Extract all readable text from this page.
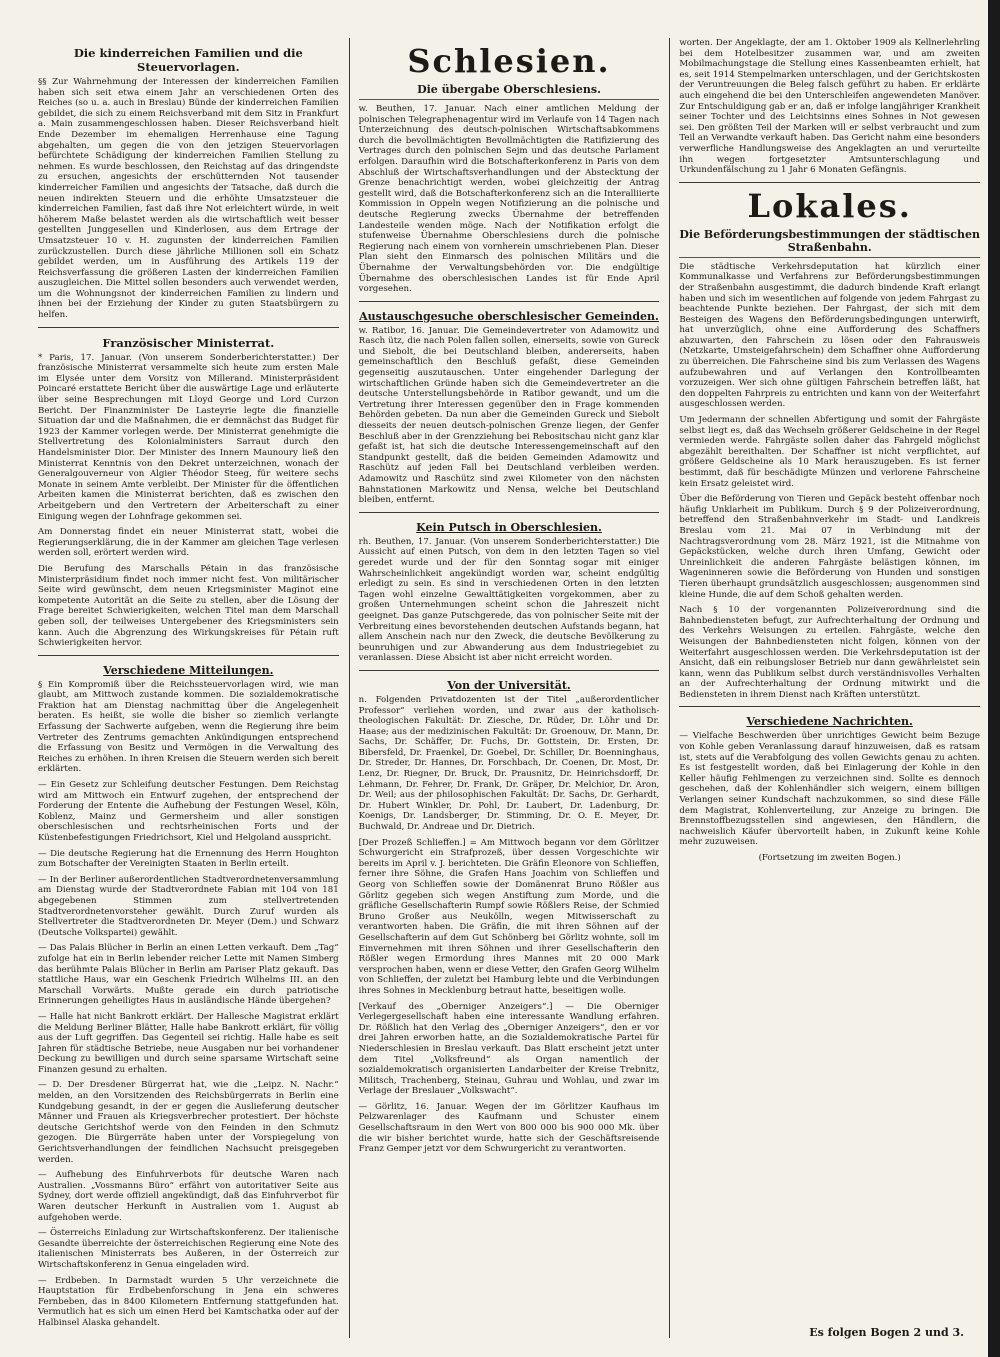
Die kinderreichen Familien und die Steuervorlagen.

§§ Zur Wahrnehmung der Interessen der kinderreichen Familien haben sich seit etwa einem Jahr an verschiedenen Orten des Reiches (so u. a. auch in Breslau) Bünde der kinderreichen Familien gebildet, die sich zu einem Reichsverband mit dem Sitz in Frankfurt a. Main zusammengeschlossen haben. Dieser Reichsverband hielt Ende Dezember im ehemaligen Herrenhause eine Tagung abgehalten, um gegen die von den jetzigen Steuervorlagen befürchtete Schädigung der kinderreichen Familien Stellung zu nehmen. Es wurde beschlossen, den Reichstag auf das dringendste zu ersuchen, angesichts der erschütternden Not tausender kinderreicher Familien und angesichts der Tatsache, daß durch die neuen indirekten Steuern und die erhöhte Umsatzsteuer die kinderreichen Familien, fast daß ihre Not erleichtert würde, in weit höherem Maße belastet werden als die wirtschaftlich weit besser gestellten Junggesellen und Kinderlosen, aus dem Ertrage der Umsatzsteuer 10 v. H. zugunsten der kinderreichen Familien zurückzustellen. Durch diese jährliche Millionen soll ein Schatz gebildet werden, um in Ausführung des Artikels 119 der Reichsverfassung die größeren Lasten der kinderreichen Familien auszugleichen. Die Mittel sollen besonders auch verwendet werden, um die Wohnungsnot der kinderreichen Familien zu lindern und ihnen bei der Erziehung der Kinder zu guten Staatsbürgern zu helfen.

Französischer Ministerrat.

* Paris, 17. Januar. (Von unserem Sonderberichterstatter.) Der französische Ministerrat versammelte sich heute zum ersten Male im Elysée unter dem Vorsitz von Millerand. Ministerpräsident Poincaré erstattete Bericht über die auswärtige Lage und erläuterte über seine Besprechungen mit Lloyd George und Lord Curzon Bericht. Der Finanzminister De Lasteyrie legte die finanzielle Situation dar und die Maßnahmen, die er demnächst das Budget für 1923 der Kammer vorlegen werde. Der Ministerrat genehmigte die Stellvertretung des Kolonialministers Sarraut durch den Handelsminister Dior. Der Minister des Innern Maunoury ließ den Ministerrat Kenntnis von den Dekret unterzeichnen, wonach der Generalgouverneur von Algier Théodor Steeg, für weitere sechs Monate in seinem Amte verbleibt. Der Minister für die öffentlichen Arbeiten kamen die Ministerrat berichten, daß es zwischen den Arbeitgebern und den Vertretern der Arbeiterschaft zu einer Einigung wegen der Lohnfrage gekommen sei.

Am Donnerstag findet ein neuer Ministerrat statt, wobei die Regierungserklärung, die in der Kammer am gleichen Tage verlesen werden soll, erörtert werden wird.

Die Berufung des Marschalls Pétain in das französische Ministerpräsidium findet noch immer nicht fest. Von militärischer Seite wird gewünscht, dem neuen Kriegsminister Maginot eine kompetente Autorität an die Seite zu stellen, aber die Lösung der Frage bereitet Schwierigkeiten, welchen Titel man dem Marschall geben soll, der teilweises Untergebener des Kriegsministers sein kann. Auch die Abgrenzung des Wirkungskreises für Pétain ruft Schwierigkeiten hervor.

Verschiedene Mitteilungen.

§ Ein Kompromiß über die Reichssteuervorlagen wird, wie man glaubt, am Mittwoch zustande kommen. Die sozialdemokratische Fraktion hat am Dienstag nachmittag über die Angelegenheit beraten. Es heißt, sie wolle die bisher so ziemlich verlangte Erfassung der Sachwerte aufgeben, wenn die Regierung ihre beim Vertreter des Zentrums gemachten Ankündigungen entsprechend die Erfassung von Besitz und Vermögen in die Verwaltung des Reiches zu erhöhen. In ihren Kreisen die Steuern werden sich bereit erklärten.

— Ein Gesetz zur Schleifung deutscher Festungen. Dem Reichstag wird am Mittwoch ein Entwurf zugehen, der entsprechend der Forderung der Entente die Aufhebung der Festungen Wesel, Köln, Koblenz, Mainz und Germersheim und aller sonstigen oberschlesischen und rechtsrheinischen Forts und der Küstenbefestigungen Friedrichsort, Kiel und Helgoland ausspricht.

— Die deutsche Regierung hat die Ernennung des Herrn Houghton zum Botschafter der Vereinigten Staaten in Berlin erteilt.

— In der Berliner außerordentlichen Stadtverordnetenversammlung am Dienstag wurde der Stadtverordnete Fabian mit 104 von 181 abgegebenen Stimmen zum stellvertretenden Stadtverordnetenvorsteher gewählt. Durch Zuruf wurden als Stellvertreter die Stadtverordneten Dr. Meyer (Dem.) und Schwarz (Deutsche Volkspartei) gewählt.

— Das Palais Blücher in Berlin an einen Letten verkauft. Dem „Tag“ zufolge hat ein in Berlin lebender reicher Lette mit Namen Simberg das berühmte Palais Blücher in Berlin am Pariser Platz gekauft. Das stattliche Haus, war ein Geschenk Friedrich Wilhelms III. an den Marschall Vorwärts. Mußte gerade ein durch patriotische Erinnerungen geheiligtes Haus in ausländische Hände übergehen?

— Halle hat nicht Bankrott erklärt. Der Hallesche Magistrat erklärt die Meldung Berliner Blätter, Halle habe Bankrott erklärt, für völlig aus der Luft gegriffen. Das Gegenteil sei richtig. Halle habe es seit Jahren für städtische Betriebe, neue Ausgaben nur bei vorhandener Deckung zu bewilligen und durch seine sparsame Wirtschaft seine Finanzen gesund zu erhalten.

— D. Der Dresdener Bürgerrat hat, wie die „Leipz. N. Nachr.“ melden, an den Vorsitzenden des Reichsbürgerrats in Berlin eine Kundgebung gesandt, in der er gegen die Auslieferung deutscher Männer und Frauen als Kriegsverbrecher protestiert. Der höchste deutsche Gerichtshof werde von den Feinden in den Schmutz gezogen. Die Bürgerräte haben unter der Vorspiegelung von Gerichtsverhandlungen der feindlichen Nachsucht preisgegeben werden.

— Aufhebung des Einfuhrverbots für deutsche Waren nach Australien. „Vossmanns Büro“ erfährt von autoritativer Seite aus Sydney, dort werde offiziell angekündigt, daß das Einfuhrverbot für Waren deutscher Herkunft in Australien vom 1. August ab aufgehoben werde.

— Österreichs Einladung zur Wirtschaftskonferenz. Der italienische Gesandte überreichte der österreichischen Regierung eine Note des italienischen Ministerrats bes Außeren, in der Österreich zur Wirtschaftskonferenz in Genua eingeladen wird.

— Erdbeben. In Darmstadt wurden 5 Uhr verzeichnete die Hauptstation für Erdbebenforschung in Jena ein schweres Fernbeben, das in 8400 Kilometern Entfernung stattgefunden hat. Vermutlich hat es sich um einen Herd bei Kamtschatka oder auf der Halbinsel Alaska gehandelt.

Schlesien.
Die übergabe Oberschlesiens.

w. Beuthen, 17. Januar. Nach einer amtlichen Meldung der polnischen Telegraphenagentur wird im Verlaufe von 14 Tagen nach Unterzeichnung des deutsch-polnischen Wirtschaftsabkommens durch die bevollmächtigten Bevollmächtigten die Ratifizierung des Vertrages durch den polnischen Sejm und das deutsche Parlament erfolgen. Daraufhin wird die Botschafterkonferenz in Paris von dem Abschluß der Wirtschaftsverhandlungen und der Abstecktung der Grenze benachrichtigt werden, wobei gleichzeitig der Antrag gestellt wird, daß die Botschafterkonferenz sich an die Interalliierte Kommission in Oppeln wegen Notifizierung an die polnische und deutsche Regierung zwecks Übernahme der betreffenden Landesteile wenden möge. Nach der Notifikation erfolgt die stufenweise Übernahme Oberschlesiens durch die polnische Regierung nach einem von vornherein umschriebenen Plan. Dieser Plan sieht den Einmarsch des polnischen Militärs und die Übernahme der Verwaltungsbehörden vor. Die endgültige Übernahme des oberschlesischen Landes ist für Ende April vorgesehen.

Austauschgesuche oberschlesischer Gemeinden.

w. Ratibor, 16. Januar. Die Gemeindevertreter von Adamowitz und Rasch ütz, die nach Polen fallen sollen, einerseits, sowie von Gureck und Siebolt, die bei Deutschland bleiben, andererseits, haben gemeinschaftlich den Beschluß gefaßt, diese Gemeinden gegenseitig auszutauschen. Unter eingehender Darlegung der wirtschaftlichen Gründe haben sich die Gemeindevertreter an die deutsche Unterstellungsbehörde in Ratibor gewandt, und um die Vertretung ihrer Interessen gegenüber den in Frage kommenden Behörden gebeten. Da nun aber die Gemeinden Gureck und Siebolt diesseits der neuen deutsch-polnischen Grenze liegen, der Genfer Beschluß aber in der Grenzziehung bei Rebositschau nicht ganz klar gefaßt ist, hat sich die deutsche Interessengemeinschaft auf den Standpunkt gestellt, daß die beiden Gemeinden Adamowitz und Raschütz auf jeden Fall bei Deutschland verbleiben werden. Adamowitz und Raschütz sind zwei Kilometer von den nächsten Bahnstationen Markowitz und Nensa, welche bei Deutschland bleiben, entfernt.

Kein Putsch in Oberschlesien.

rh. Beuthen, 17. Januar. (Von unserem Sonderberichterstatter.) Die Aussicht auf einen Putsch, von dem in den letzten Tagen so viel geredet wurde und der für den Sonntag sogar mit einiger Wahrscheinlichkeit angekündigt worden war, scheint endgültig erledigt zu sein. Es sind in verschiedenen Orten in den letzten Tagen wohl einzelne Gewalttätigkeiten vorgekommen, aber zu großen Unternehmungen scheint schon die Jahreszeit nicht geeignet. Das ganze Putschgerede, das von polnischer Seite mit der Verbreitung eines bevorstehenden deutschen Aufstands begann, hat allem Anschein nach nur den Zweck, die deutsche Bevölkerung zu beunruhigen und zur Abwanderung aus dem Industriegebiet zu veranlassen. Diese Absicht ist aber nicht erreicht worden.

Von der Universität.

n. Folgenden Privatdozenten ist der Titel „außerordentlicher Professor“ verliehen worden, und zwar aus der katholisch-theologischen Fakultät: Dr. Ziesche, Dr. Rüder, Dr. Löhr und Dr. Haase; aus der medizinischen Fakultät: Dr. Groenouw, Dr. Mann, Dr. Sachs, Dr. Schäffer, Dr. Fuchs, Dr. Gottstein, Dr. Ersten, Dr. Bibersfeld, Dr. Fraenkel, Dr. Goebel, Dr. Schiller, Dr. Boenninghaus, Dr. Streder, Dr. Hannes, Dr. Forschbach, Dr. Coenen, Dr. Most, Dr. Lenz, Dr. Riegner, Dr. Bruck, Dr. Prausnitz, Dr. Heinrichsdorff, Dr. Lehmann, Dr. Fehrer, Dr. Frank, Dr. Gräper, Dr. Melchior, Dr. Aron, Dr. Weil; aus der philosophischen Fakultät: Dr. Sachs, Dr. Gerhardt, Dr. Hubert Winkler, Dr. Pohl, Dr. Laubert, Dr. Ladenburg, Dr. Koenigs, Dr. Landsberger, Dr. Stimming, Dr. O. E. Meyer, Dr. Buchwald, Dr. Andreae und Dr. Dietrich.

[Der Prozeß Schlieffen.] = Am Mittwoch begann vor dem Görlitzer Schwurgericht ein Strafprozeß, über dessen Vorgeschichte wir bereits im April v. J. berichteten. Die Gräfin Eleonore von Schlieffen, ferner ihre Söhne, die Grafen Hans Joachim von Schlieffen und Georg von Schlieffen sowie der Domänenrat Bruno Rößler aus Görlitz gegeben sich wegen Anstiftung zum Morde, und die gräfliche Gesellschafterin Rumpf sowie Rößlers Reise, der Schmied Bruno Großer aus Neukölln, wegen Mitwisserschaft zu verantworten haben. Die Gräfin, die mit ihren Söhnen auf der Gesellschafterin auf dem Gut Schönberg bei Görlitz wohnte, soll im Einvernehmen mit ihren Söhnen und ihrer Gesellschafterin den Rößler wegen Ermordung ihres Mannes mit 20 000 Mark versprochen haben, wenn er diese Vetter, den Grafen Georg Wilhelm von Schlieffen, der zuletzt bei Hamburg lebte und die Verbindungen ihres Sohnes in Mecklenburg betraut hatte, beseitigen wolle.

[Verkauf des „Oberniger Anzeigers“.] — Die Oberniger Verlegergesellschaft haben eine interessante Wandlung erfahren. Dr. Rößlich hat den Verlag des „Oberniger Anzeigers“, den er vor drei Jahren erworben hatte, an die Sozialdemokratische Partei für Niederschlesien in Breslau verkauft. Das Blatt erscheint jetzt unter dem Titel „Volksfreund“ als Organ namentlich der sozialdemokratisch organisierten Landarbeiter der Kreise Trebnitz, Militsch, Trachenberg, Steinau, Guhrau und Wohlau, und zwar im Verlage der Breslauer „Volkswacht“.

— Görlitz, 16. Januar. Wegen der im Görlitzer Kaufhaus im Pelzwarenlager des Kaufmann und Schuster einem Gesellschaftsraum in den Wert von 800 000 bis 900 000 Mk. über die wir bisher berichtet wurde, hatte sich der Geschäftsreisende Franz Gemper jetzt vor dem Schwurgericht zu verantworten.

worten. Der Angeklagte, der am 1. Oktober 1909 als Kellnerlehrling bei dem Hotelbesitzer zusammen war, und am zweiten Mobilmachungstage die Stellung eines Kassenbeamten erhielt, hat es, seit 1914 Stempelmarken unterschlagen, und der Gerichtskosten der Veruntreuungen die Beleg falsch geführt zu haben. Er erklärte auch eingehend die bei den Unterschleifen angewendeten Manöver. Zur Entschuldigung gab er an, daß er infolge langjähriger Krankheit seiner Tochter und des Leichtsinns eines Sohnes in Not gewesen sei. Den größten Teil der Marken will er selbst verbraucht und zum Teil an Verwandte verkauft haben. Das Gericht nahm eine besonders verwerfliche Handlungsweise des Angeklagten an und verurteilte ihn wegen fortgesetzter Amtsunterschlagung und Urkundenfälschung zu 1 Jahr 6 Monaten Gefängnis.

Lokales.
Die Beförderungsbestimmungen der städtischen Straßenbahn.

Die städtische Verkehrsdeputation hat kürzlich einer Kommunalkasse und Verfahrens zur Beförderungsbestimmungen der Straßenbahn ausgestimmt, die dadurch bindende Kraft erlangt haben und sich im wesentlichen auf folgende von jedem Fahrgast zu beachtende Punkte beziehen. Der Fahrgast, der sich mit dem Besteigen des Wagens den Beförderungsbedingungen unterwirft, hat unverzüglich, ohne eine Aufforderung des Schaffners abzuwarten, den Fahrschein zu lösen oder den Fahrausweis (Netzkarte, Umsteigefahrschein) dem Schaffner ohne Aufforderung zu überreichen. Die Fahrscheine sind bis zum Verlassen des Wagens aufzubewahren und auf Verlangen den Kontrollbeamten vorzuzeigen. Wer sich ohne gültigen Fahrschein betreffen läßt, hat den doppelten Fahrpreis zu entrichten und kann von der Weiterfahrt ausgeschlossen werden.

Um Jedermann der schnellen Abfertigung und somit der Fahrgäste selbst liegt es, daß das Wechseln größerer Geldscheine in der Regel vermieden werde. Fahrgäste sollen daher das Fahrgeld möglichst abgezählt bereithalten. Der Schaffner ist nicht verpflichtet, auf größere Geldscheine als 10 Mark herauszugeben. Es ist ferner bestimmt, daß für beschädigte Münzen und verlorene Fahrscheine kein Ersatz geleistet wird.

Über die Beförderung von Tieren und Gepäck besteht offenbar noch häufig Unklarheit im Publikum. Durch § 9 der Polizeiverordnung, betreffend den Straßenbahnverkehr im Stadt- und Landkreis Breslau vom 21. Mai 07 in Verbindung mit der Nachtragsverordnung vom 28. März 1921, ist die Mitnahme von Gepäckstücken, welche durch ihren Umfang, Gewicht oder Unreinlichkeit die anderen Fahrgäste belästigen können, im Wageninneren sowie die Beförderung von Hunden und sonstigen Tieren überhaupt grundsätzlich ausgeschlossen; ausgenommen sind kleine Hunde, die auf dem Schoß gehalten werden.

Nach § 10 der vorgenannten Polizeiverordnung sind die Bahnbediensteten befugt, zur Aufrechterhaltung der Ordnung und des Verkehrs Weisungen zu erteilen. Fahrgäste, welche den Weisungen der Bahnbediensteten nicht folgen, können von der Weiterfahrt ausgeschlossen werden. Die Verkehrsdeputation ist der Ansicht, daß ein reibungsloser Betrieb nur dann gewährleistet sein kann, wenn das Publikum selbst durch verständnisvolles Verhalten an der Aufrechterhaltung der Ordnung mitwirkt und die Bediensteten in ihrem Dienst nach Kräften unterstützt.

Verschiedene Nachrichten.

— Vielfache Beschwerden über unrichtiges Gewicht beim Bezuge von Kohle geben Veranlassung darauf hinzuweisen, daß es ratsam ist, stets auf die Verabfolgung des vollen Gewichts genau zu achten. Es ist festgestellt worden, daß bei Einlagerung der Kohle in den Keller häufig Fehlmengen zu verzeichnen sind. Sollte es dennoch geschehen, daß der Kohlenhändler sich weigern, einem billigen Verlangen seiner Kundschaft nachzukommen, so sind diese Fälle dem Magistrat, Kohlenverteilung, zur Anzeige zu bringen. Die Brennstoffbezugsstellen sind angewiesen, den Händlern, die nachweislich Käufer übervorteilt haben, in Zukunft keine Kohle mehr zuzuweisen.

(Fortsetzung im zweiten Bogen.)
Es folgen Bogen 2 und 3.
